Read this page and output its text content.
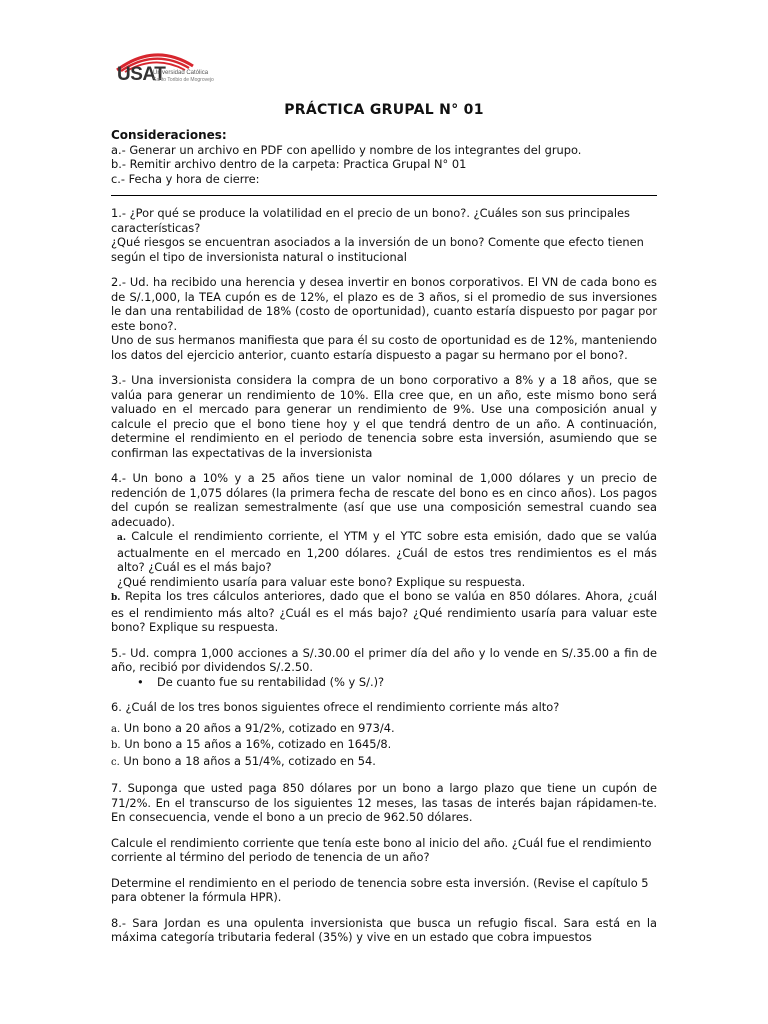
USAT
Universidad Católica
Santo Toribio de Mogrovejo
PRÁCTICA GRUPAL N° 01

Consideraciones:

a.- Generar un archivo en PDF con apellido y nombre de los integrantes del grupo.

b.- Remitir archivo dentro de la carpeta: Practica Grupal N° 01

c.- Fecha y hora de cierre:

1.- ¿Por qué se produce la volatilidad en el precio de un bono?. ¿Cuáles son sus principales características?

¿Qué riesgos se encuentran asociados a la inversión de un bono? Comente que efecto tienen según el tipo de inversionista natural o institucional

2.- Ud. ha recibido una herencia y desea invertir en bonos corporativos. El VN de cada bono es de S/.1,000, la TEA cupón es de 12%, el plazo es de 3 años, si el promedio de sus inversiones le dan una rentabilidad de 18% (costo de oportunidad), cuanto estaría dispuesto por pagar por este bono?.

Uno de sus hermanos manifiesta que para él su costo de oportunidad es de 12%, manteniendo los datos del ejercicio anterior, cuanto estaría dispuesto a pagar su hermano por el bono?.

3.- Una inversionista considera la compra de un bono corporativo a 8% y a 18 años, que se valúa para generar un rendimiento de 10%. Ella cree que, en un año, este mismo bono será valuado en el mercado para generar un rendimiento de 9%. Use una composición anual y calcule el precio que el bono tiene hoy y el que tendrá dentro de un año. A continuación, determine el rendimiento en el periodo de tenencia sobre esta inversión, asumiendo que se confirman las expectativas de la inversionista

4.- Un bono a 10% y a 25 años tiene un valor nominal de 1,000 dólares y un precio de redención de 1,075 dólares (la primera fecha de rescate del bono es en cinco años). Los pagos del cupón se realizan semestralmente (así que use una composición semestral cuando sea adecuado).

a. Calcule el rendimiento corriente, el YTM y el YTC sobre esta emisión, dado que se valúa actualmente en el mercado en 1,200 dólares. ¿Cuál de estos tres rendimientos es el más alto? ¿Cuál es el más bajo?

¿Qué rendimiento usaría para valuar este bono? Explique su respuesta.

b. Repita los tres cálculos anteriores, dado que el bono se valúa en 850 dólares. Ahora, ¿cuál es el rendimiento más alto? ¿Cuál es el más bajo? ¿Qué rendimiento usaría para valuar este bono? Explique su respuesta.

5.- Ud. compra 1,000 acciones a S/.30.00 el primer día del año y lo vende en S/.35.00 a fin de año, recibió por dividendos S/.2.50.

• De cuanto fue su rentabilidad (% y S/.)?

6. ¿Cuál de los tres bonos siguientes ofrece el rendimiento corriente más alto?

a. Un bono a 20 años a 91/2%, cotizado en 973/4.

b. Un bono a 15 años a 16%, cotizado en 1645/8.

c. Un bono a 18 años a 51/4%, cotizado en 54.

7. Suponga que usted paga 850 dólares por un bono a largo plazo que tiene un cupón de 71/2%. En el transcurso de los siguientes 12 meses, las tasas de interés bajan rápidamen-te. En consecuencia, vende el bono a un precio de 962.50 dólares.

Calcule el rendimiento corriente que tenía este bono al inicio del año. ¿Cuál fue el rendimiento corriente al término del periodo de tenencia de un año?

Determine el rendimiento en el periodo de tenencia sobre esta inversión. (Revise el capítulo 5 para obtener la fórmula HPR).

8.- Sara Jordan es una opulenta inversionista que busca un refugio fiscal. Sara está en la máxima categoría tributaria federal (35%) y vive en un estado que cobra impuestos
